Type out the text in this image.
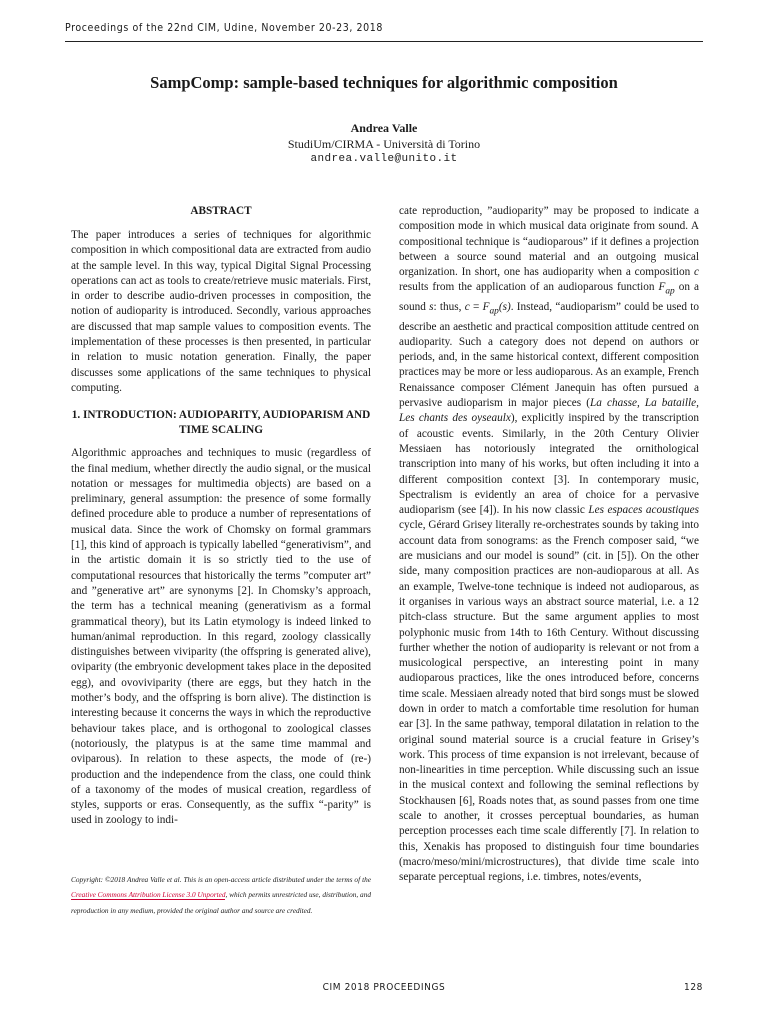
Proceedings of the 22nd CIM, Udine, November 20-23, 2018
SampComp: sample-based techniques for algorithmic composition
Andrea Valle
StudiUm/CIRMA - Università di Torino
andrea.valle@unito.it
ABSTRACT

The paper introduces a series of techniques for algorithmic composition in which compositional data are extracted from audio at the sample level. In this way, typical Digital Signal Processing operations can act as tools to create/retrieve music materials. First, in order to describe audio-driven processes in composition, the notion of audioparity is introduced. Secondly, various approaches are discussed that map sample values to composition events. The implementation of these processes is then presented, in particular in relation to music notation generation. Finally, the paper discusses some applications of the same techniques to physical computing.

1. INTRODUCTION: AUDIOPARITY, AUDIOPARISM AND TIME SCALING

Algorithmic approaches and techniques to music (regardless of the final medium, whether directly the audio signal, or the musical notation or messages for multimedia objects) are based on a preliminary, general assumption: the presence of some formally defined procedure able to produce a number of representations of musical data. Since the work of Chomsky on formal grammars [1], this kind of approach is typically labelled “generativism”, and in the artistic domain it is so strictly tied to the use of computational resources that historically the terms ”computer art” and ”generative art” are synonyms [2]. In Chomsky’s approach, the term has a technical meaning (generativism as a formal grammatical theory), but its Latin etymology is indeed linked to human/animal reproduction. In this regard, zoology classically distinguishes between viviparity (the offspring is generated alive), oviparity (the embryonic development takes place in the deposited egg), and ovoviviparity (there are eggs, but they hatch in the mother’s body, and the offspring is born alive). The distinction is interesting because it concerns the ways in which the reproductive behaviour takes place, and is orthogonal to zoological classes (notoriously, the platypus is at the same time mammal and oviparous). In relation to these aspects, the mode of (re-) production and the independence from the class, one could think of a taxonomy of the modes of musical creation, regardless of styles, supports or eras. Consequently, as the suffix “-parity” is used in zoology to indi-

cate reproduction, ”audioparity” may be proposed to indicate a composition mode in which musical data originate from sound. A compositional technique is “audioparous” if it defines a projection between a source sound material and an outgoing musical organization. In short, one has audioparity when a composition c results from the application of an audioparous function $F_{ap}$ on a sound s: thus, $c = F_{ap}(s)$. Instead, “audioparism” could be used to describe an aesthetic and practical composition attitude centred on audioparity. Such a category does not depend on authors or periods, and, in the same historical context, different composition practices may be more or less audioparous. As an example, French Renaissance composer Clément Janequin has often pursued a pervasive audioparism in major pieces (La chasse, La bataille, Les chants des oyseaulx), explicitly inspired by the transcription of acoustic events. Similarly, in the 20th Century Olivier Messiaen has notoriously integrated the ornithological transcription into many of his works, but often including it into a different composition context [3]. In contemporary music, Spectralism is evidently an area of choice for a pervasive audioparism (see [4]). In his now classic Les espaces acoustiques cycle, Gérard Grisey literally re-orchestrates sounds by taking into account data from sonograms: as the French composer said, “we are musicians and our model is sound” (cit. in [5]). On the other side, many composition practices are non-audioparous at all. As an example, Twelve-tone technique is indeed not audioparous, as it organises in various ways an abstract source material, i.e. a 12 pitch-class structure. But the same argument applies to most polyphonic music from 14th to 16th Century. Without discussing further whether the notion of audioparity is relevant or not from a musicological perspective, an interesting point in many audioparous practices, like the ones introduced before, concerns time scale. Messiaen already noted that bird songs must be slowed down in order to match a comfortable time resolution for human ear [3]. In the same pathway, temporal dilatation in relation to the original sound material source is a crucial feature in Grisey’s work. This process of time expansion is not irrelevant, because of non-linearities in time perception. While discussing such an issue in the musical context and following the seminal reflections by Stockhausen [6], Roads notes that, as sound passes from one time scale to another, it crosses perceptual boundaries, as human perception processes each time scale differently [7]. In relation to this, Xenakis has proposed to distinguish four time boundaries (macro/meso/mini/microstructures), that divide time scale into separate perceptual regions, i.e. timbres, notes/events,

Copyright: ©2018 Andrea Valle et al. This is an open-access article distributed under the terms of the Creative Commons Attribution License 3.0 Unported, which permits unrestricted use, distribution, and reproduction in any medium, provided the original author and source are credited.
CIM 2018 PROCEEDINGS	128
